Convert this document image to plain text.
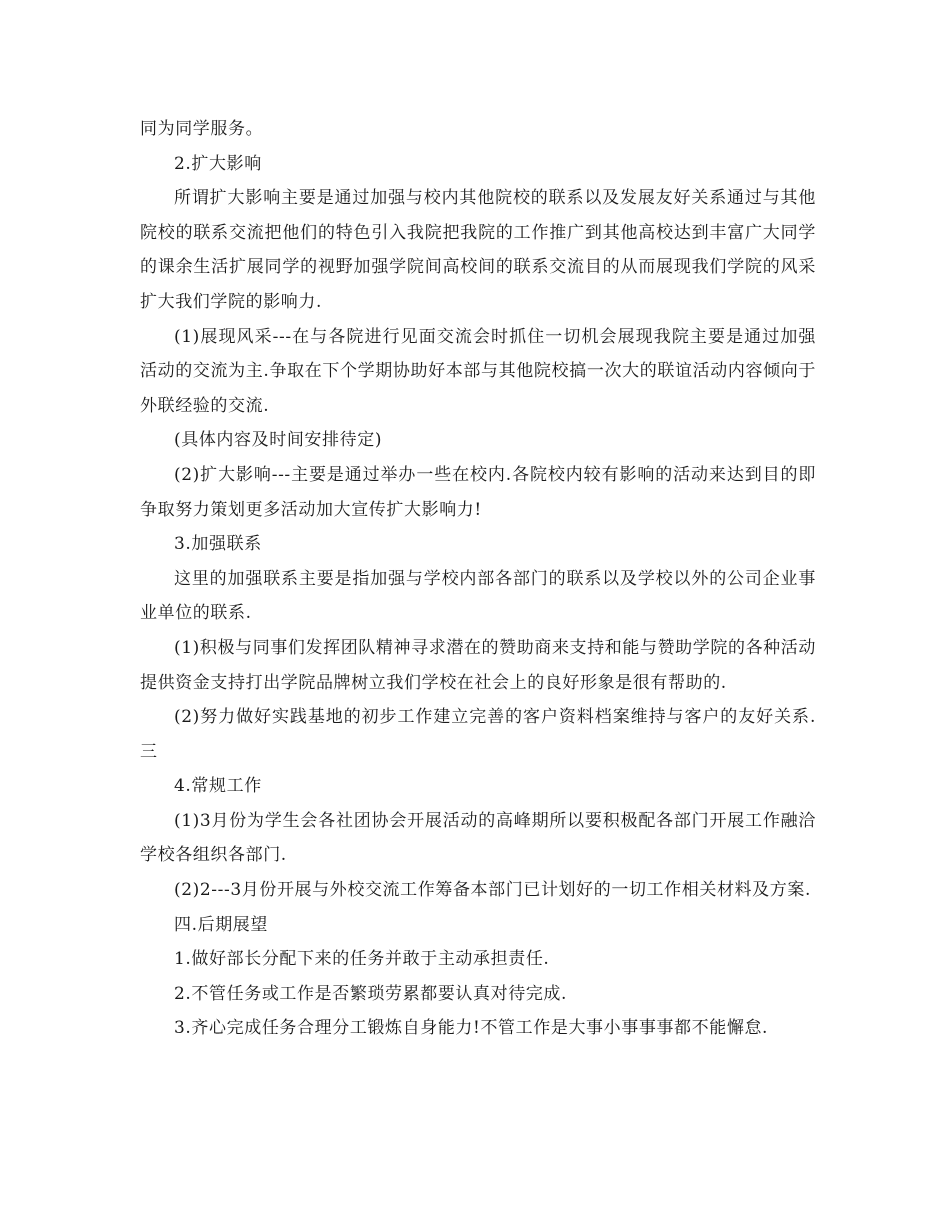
同为同学服务。

2.扩大影响

所谓扩大影响主要是通过加强与校内其他院校的联系以及发展友好关系通过与其他院校的联系交流把他们的特色引入我院把我院的工作推广到其他高校达到丰富广大同学的课余生活扩展同学的视野加强学院间高校间的联系交流目的从而展现我们学院的风采扩大我们学院的影响力.

(1)展现风采---在与各院进行见面交流会时抓住一切机会展现我院主要是通过加强活动的交流为主.争取在下个学期协助好本部与其他院校搞一次大的联谊活动内容倾向于外联经验的交流.

(具体内容及时间安排待定)

(2)扩大影响---主要是通过举办一些在校内.各院校内较有影响的活动来达到目的即争取努力策划更多活动加大宣传扩大影响力!

3.加强联系

这里的加强联系主要是指加强与学校内部各部门的联系以及学校以外的公司企业事业单位的联系.

(1)积极与同事们发挥团队精神寻求潜在的赞助商来支持和能与赞助学院的各种活动提供资金支持打出学院品牌树立我们学校在社会上的良好形象是很有帮助的.

(2)努力做好实践基地的初步工作建立完善的客户资料档案维持与客户的友好关系.三

4.常规工作

(1)3月份为学生会各社团协会开展活动的高峰期所以要积极配各部门开展工作融洽学校各组织各部门.

(2)2---3月份开展与外校交流工作筹备本部门已计划好的一切工作相关材料及方案.

四.后期展望

1.做好部长分配下来的任务并敢于主动承担责任.

2.不管任务或工作是否繁琐劳累都要认真对待完成.

3.齐心完成任务合理分工锻炼自身能力!不管工作是大事小事事事都不能懈怠.
